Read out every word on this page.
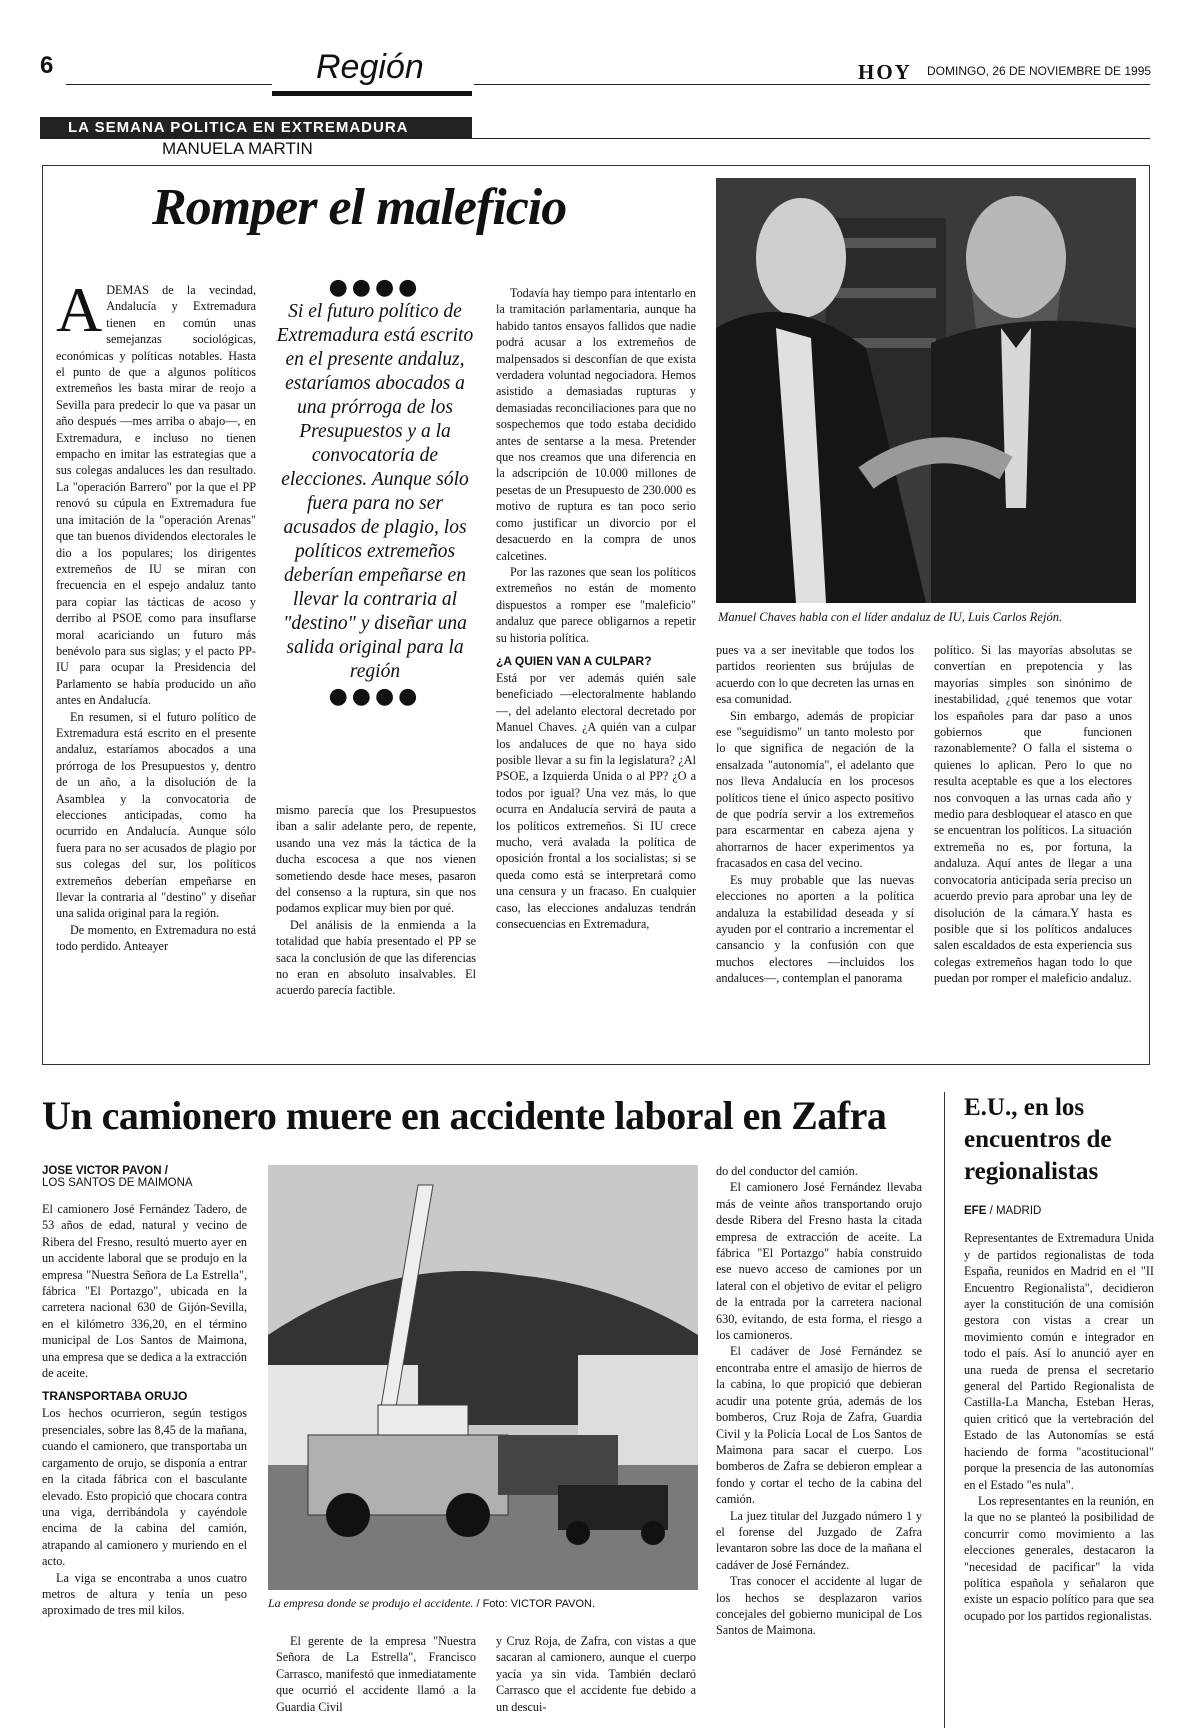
6	Región	HOY DOMINGO, 26 DE NOVIEMBRE DE 1995
LA SEMANA POLITICA EN EXTREMADURA
MANUELA MARTIN
Romper el maleficio

ADEMAS de la vecindad, Andalucía y Extremadura tienen en común unas semejanzas sociológicas, económicas y políticas notables. Hasta el punto de que a algunos políticos extremeños les basta mirar de reojo a Sevilla para predecir lo que va pasar un año después —mes arriba o abajo—, en Extremadura, e incluso no tienen empacho en imitar las estrategias que a sus colegas andaluces les dan resultado. La "operación Barrero" por la que el PP renovó su cúpula en Extremadura fue una imitación de la "operación Arenas" que tan buenos dividendos electorales le dio a los populares; los dirigentes extremeños de IU se miran con frecuencia en el espejo andaluz tanto para copiar las tácticas de acoso y derribo al PSOE como para insuflarse moral acariciando un futuro más benévolo para sus siglas; y el pacto PP-IU para ocupar la Presidencia del Parlamento se había producido un año antes en Andalucía.

En resumen, si el futuro político de Extremadura está escrito en el presente andaluz, estaríamos abocados a una prórroga de los Presupuestos y, dentro de un año, a la disolución de la Asamblea y la convocatoria de elecciones anticipadas, como ha ocurrido en Andalucía. Aunque sólo fuera para no ser acusados de plagio por sus colegas del sur, los políticos extremeños deberían empeñarse en llevar la contraria al "destino" y diseñar una salida original para la región.

De momento, en Extremadura no está todo perdido. Anteayer

●●●●
Si el futuro político de Extremadura está escrito en el presente andaluz, estaríamos abocados a una prórroga de los Presupuestos y a la convocatoria de elecciones. Aunque sólo fuera para no ser acusados de plagio, los políticos extremeños deberían empeñarse en llevar la contraria al "destino" y diseñar una salida original para la región
●●●●

mismo parecía que los Presupuestos iban a salir adelante pero, de repente, usando una vez más la táctica de la ducha escocesa a que nos vienen sometiendo desde hace meses, pasaron del consenso a la ruptura, sin que nos podamos explicar muy bien por qué.

Del análisis de la enmienda a la totalidad que había presentado el PP se saca la conclusión de que las diferencias no eran en absoluto insalvables. El acuerdo parecía factible.

Todavía hay tiempo para intentarlo en la tramitación parlamentaria, aunque ha habido tantos ensayos fallidos que nadie podrá acusar a los extremeños de malpensados si desconfían de que exista verdadera voluntad negociadora. Hemos asistido a demasiadas rupturas y demasiadas reconciliaciones para que no sospechemos que todo estaba decidido antes de sentarse a la mesa. Pretender que nos creamos que una diferencia en la adscripción de 10.000 millones de pesetas de un Presupuesto de 230.000 es motivo de ruptura es tan poco serio como justificar un divorcio por el desacuerdo en la compra de unos calcetines.

Por las razones que sean los políticos extremeños no están de momento dispuestos a romper ese "maleficio" andaluz que parece obligarnos a repetir su historia política.

¿A QUIEN VAN A CULPAR?

Está por ver además quién sale beneficiado —electoralmente hablando—, del adelanto electoral decretado por Manuel Chaves. ¿A quién van a culpar los andaluces de que no haya sido posible llevar a su fin la legislatura? ¿Al PSOE, a Izquierda Unida o al PP? ¿O a todos por igual? Una vez más, lo que ocurra en Andalucía servirá de pauta a los políticos extremeños. Si IU crece mucho, verá avalada la política de oposición frontal a los socialistas; si se queda como está se interpretará como una censura y un fracaso. En cualquier caso, las elecciones andaluzas tendrán consecuencias en Extremadura,

Manuel Chaves habla con el líder andaluz de IU, Luis Carlos Rejón.

pues va a ser inevitable que todos los partidos reorienten sus brújulas de acuerdo con lo que decreten las urnas en esa comunidad.

Sin embargo, además de propiciar ese "seguidismo" un tanto molesto por lo que significa de negación de la ensalzada "autonomía", el adelanto que nos lleva Andalucía en los procesos políticos tiene el único aspecto positivo de que podría servir a los extremeños para escarmentar en cabeza ajena y ahorrarnos de hacer experimentos ya fracasados en casa del vecino.

Es muy probable que las nuevas elecciones no aporten a la política andaluza la estabilidad deseada y sí ayuden por el contrario a incrementar el cansancio y la confusión con que muchos electores —incluidos los andaluces—, contemplan el panorama

político. Si las mayorías absolutas se convertían en prepotencia y las mayorías simples son sinónimo de inestabilidad, ¿qué tenemos que votar los españoles para dar paso a unos gobiernos que funcionen razonablemente? O falla el sistema o quienes lo aplican. Pero lo que no resulta aceptable es que a los electores nos convoquen a las urnas cada año y medio para desbloquear el atasco en que se encuentran los políticos. La situación extremeña no es, por fortuna, la andaluza. Aquí antes de llegar a una convocatoria anticipada sería preciso un acuerdo previo para aprobar una ley de disolución de la cámara.Y hasta es posible que si los políticos andaluces salen escaldados de esta experiencia sus colegas extremeños hagan todo lo que puedan por romper el maleficio andaluz.

Un camionero muere en accidente laboral en Zafra
JOSE VICTOR PAVON /
LOS SANTOS DE MAIMONA

El camionero José Fernández Tadero, de 53 años de edad, natural y vecino de Ribera del Fresno, resultó muerto ayer en un accidente laboral que se produjo en la empresa "Nuestra Señora de La Estrella", fábrica "El Portazgo", ubicada en la carretera nacional 630 de Gijón-Sevilla, en el kilómetro 336,20, en el término municipal de Los Santos de Maimona, una empresa que se dedica a la extracción de aceite.

TRANSPORTABA ORUJO

Los hechos ocurrieron, según testigos presenciales, sobre las 8,45 de la mañana, cuando el camionero, que transportaba un cargamento de orujo, se disponía a entrar en la citada fábrica con el basculante elevado. Esto propició que chocara contra una viga, derribándola y cayéndole encima de la cabina del camión, atrapando al camionero y muriendo en el acto.

La viga se encontraba a unos cuatro metros de altura y tenía un peso aproximado de tres mil kilos.

La empresa donde se produjo el accidente. / Foto: VICTOR PAVON.

El gerente de la empresa "Nuestra Señora de La Estrella", Francisco Carrasco, manifestó que inmediatamente que ocurrió el accidente llamó a la Guardia Civil

y Cruz Roja, de Zafra, con vistas a que sacaran al camionero, aunque el cuerpo yacía ya sin vida. También declaró Carrasco que el accidente fue debido a un descui-

do del conductor del camión.

El camionero José Fernández llevaba más de veinte años transportando orujo desde Ribera del Fresno hasta la citada empresa de extracción de aceite. La fábrica "El Portazgo" había construido ese nuevo acceso de camiones por un lateral con el objetivo de evitar el peligro de la entrada por la carretera nacional 630, evitando, de esta forma, el riesgo a los camioneros.

El cadáver de José Fernández se encontraba entre el amasijo de hierros de la cabina, lo que propició que debieran acudir una potente grúa, además de los bomberos, Cruz Roja de Zafra, Guardia Civil y la Policía Local de Los Santos de Maimona para sacar el cuerpo. Los bomberos de Zafra se debieron emplear a fondo y cortar el techo de la cabina del camión.

La juez titular del Juzgado número 1 y el forense del Juzgado de Zafra levantaron sobre las doce de la mañana el cadáver de José Fernández.

Tras conocer el accidente al lugar de los hechos se desplazaron varios concejales del gobierno municipal de Los Santos de Maimona.

E.U., en los encuentros de regionalistas
EFE / MADRID

Representantes de Extremadura Unida y de partidos regionalistas de toda España, reunidos en Madrid en el "II Encuentro Regionalista", decidieron ayer la constitución de una comisión gestora con vistas a crear un movimiento común e integrador en todo el país. Así lo anunció ayer en una rueda de prensa el secretario general del Partido Regionalista de Castilla-La Mancha, Esteban Heras, quien criticó que la vertebración del Estado de las Autonomías se está haciendo de forma "acostitucional" porque la presencia de las autonomías en el Estado "es nula".

Los representantes en la reunión, en la que no se planteó la posibilidad de concurrir como movimiento a las elecciones generales, destacaron la "necesidad de pacificar" la vida política española y señalaron que existe un espacio político para que sea ocupado por los partidos regionalistas.
